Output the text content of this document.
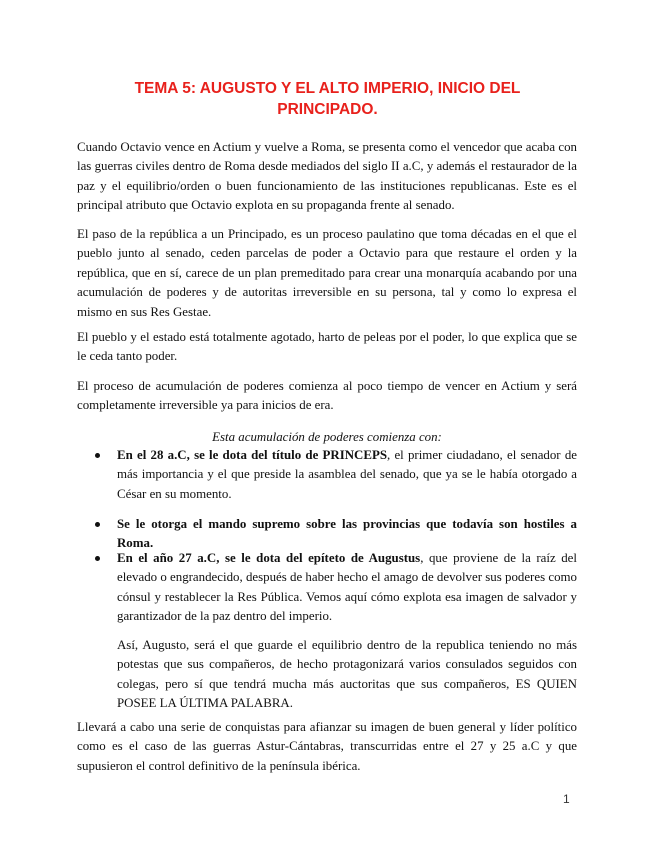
TEMA 5: AUGUSTO Y EL ALTO IMPERIO, INICIO DEL PRINCIPADO.

Cuando Octavio vence en Actium y vuelve a Roma, se presenta como el vencedor que acaba con las guerras civiles dentro de Roma desde mediados del siglo II a.C, y además el restaurador de la paz y el equilibrio/orden o buen funcionamiento de las instituciones republicanas. Este es el principal atributo que Octavio explota en su propaganda frente al senado.

El paso de la república a un Principado, es un proceso paulatino que toma décadas en el que el pueblo junto al senado, ceden parcelas de poder a Octavio para que restaure el orden y la república, que en sí, carece de un plan premeditado para crear una monarquía acabando por una acumulación de poderes y de autoritas irreversible en su persona, tal y como lo expresa el mismo en sus Res Gestae.

El pueblo y el estado está totalmente agotado, harto de peleas por el poder, lo que explica que se le ceda tanto poder.

El proceso de acumulación de poderes comienza al poco tiempo de vencer en Actium y será completamente irreversible ya para inicios de era.

Esta acumulación de poderes comienza con:

En el 28 a.C, se le dota del título de PRINCEPS, el primer ciudadano, el senador de más importancia y el que preside la asamblea del senado, que ya se le había otorgado a César en su momento.

Se le otorga el mando supremo sobre las provincias que todavía son hostiles a Roma.

En el año 27 a.C, se le dota del epíteto de Augustus, que proviene de la raíz del elevado o engrandecido, después de haber hecho el amago de devolver sus poderes como cónsul y restablecer la Res Pública. Vemos aquí cómo explota esa imagen de salvador y garantizador de la paz dentro del imperio.

Así, Augusto, será el que guarde el equilibrio dentro de la republica teniendo no más potestas que sus compañeros, de hecho protagonizará varios consulados seguidos con colegas, pero sí que tendrá mucha más auctoritas que sus compañeros, ES QUIEN POSEE LA ÚLTIMA PALABRA.

Llevará a cabo una serie de conquistas para afianzar su imagen de buen general y líder político como es el caso de las guerras Astur-Cántabras, transcurridas entre el 27 y 25 a.C y que supusieron el control definitivo de la península ibérica.

1
